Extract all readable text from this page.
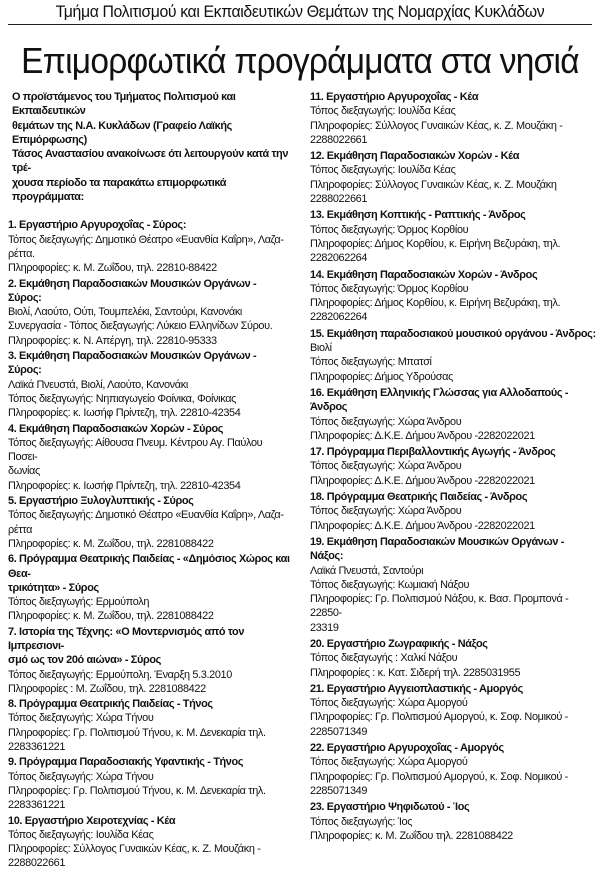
Τμήμα Πολιτισμού και Εκπαιδευτικών Θεμάτων της Νομαρχίας Κυκλάδων
Επιμορφωτικά προγράμματα στα νησιά
Ο προϊστάμενος του Τμήματος Πολιτισμού και Εκπαιδευτικών
θεμάτων της Ν.Α. Κυκλάδων (Γραφείο Λαϊκής Επιμόρφωσης)
Τάσος Αναστασίου ανακοίνωσε ότι λειτουργούν κατά την τρέ-
χουσα περίοδο τα παρακάτω επιμορφωτικά προγράμματα:
1. Εργαστήριο Αργυροχοΐας - Σύρος:
Τόπος διεξαγωγής: Δημοτικό Θέατρο «Ευανθία Καΐρη», Λαζα-
ρέττα.
Πληροφορίες: κ. Μ. Ζωΐδου, τηλ. 22810-88422
2. Εκμάθηση Παραδοσιακών Μουσικών Οργάνων - Σύρος:
Βιολί, Λαούτο, Ούτι, Τουμπελέκι, Σαντούρι, Κανονάκι
Συνεργασία - Τόπος διεξαγωγής: Λύκειο Ελληνίδων Σύρου.
Πληροφορίες: κ. Ν. Απέργη, τηλ. 22810-95333
3. Εκμάθηση Παραδοσιακών Μουσικών Οργάνων - Σύρος:
Λαϊκά Πνευστά, Βιολί, Λαούτο, Κανονάκι
Τόπος διεξαγωγής: Νηπιαγωγείο Φοίνικα, Φοίνικας
Πληροφορίες: κ. Ιωσήφ Πρίντεζη, τηλ. 22810-42354
4. Εκμάθηση Παραδοσιακών Χορών - Σύρος
Τόπος διεξαγωγής: Αίθουσα Πνευμ. Κέντρου Αγ. Παύλου Ποσει-
δωνίας
Πληροφορίες: κ. Ιωσήφ Πρίντεζη, τηλ. 22810-42354
5. Εργαστήριο Ξυλογλυπτικής - Σύρος
Τόπος διεξαγωγής: Δημοτικό Θέατρο «Ευανθία Καΐρη», Λαζα-
ρέττα
Πληροφορίες: κ. Μ. Ζωΐδου, τηλ. 2281088422
6. Πρόγραμμα Θεατρικής Παιδείας - «Δημόσιος Χώρος και Θεα-
τρικότητα» - Σύρος
Τόπος διεξαγωγής: Ερμούπολη
Πληροφορίες: κ. Μ. Ζωΐδου, τηλ. 2281088422
7. Ιστορία της Τέχνης: «Ο Μοντερνισμός από τον Ιμπρεσιονι-
σμό ως τον 20ό αιώνα» - Σύρος
Τόπος διεξαγωγής: Ερμούπολη. Έναρξη 5.3.2010
Πληροφορίες : Μ. Ζωΐδου, τηλ. 2281088422
8. Πρόγραμμα Θεατρικής Παιδείας - Τήνος
Τόπος διεξαγωγής: Χώρα Τήνου
Πληροφορίες: Γρ. Πολιτισμού Τήνου, κ. Μ. Δενεκαρία τηλ.
2283361221
9. Πρόγραμμα Παραδοσιακής Υφαντικής - Τήνος
Τόπος διεξαγωγής: Χώρα Τήνου
Πληροφορίες: Γρ. Πολιτισμού Τήνου, κ. Μ. Δενεκαρία τηλ.
2283361221
10. Εργαστήριο Χειροτεχνίας - Κέα
Τόπος διεξαγωγής: Ιουλίδα Κέας
Πληροφορίες: Σύλλογος Γυναικών Κέας, κ. Ζ. Μουζάκη -
2288022661
11. Εργαστήριο Αργυροχοΐας - Κέα
Τόπος διεξαγωγής: Ιουλίδα Κέας
Πληροφορίες: Σύλλογος Γυναικών Κέας, κ. Ζ. Μουζάκη -
2288022661
12. Εκμάθηση Παραδοσιακών Χορών - Κέα
Τόπος διεξαγωγής: Ιουλίδα Κέας
Πληροφορίες: Σύλλογος Γυναικών Κέας, κ. Ζ. Μουζάκη 2288022661
13. Εκμάθηση Κοπτικής - Ραπτικής - Άνδρος
Τόπος διεξαγωγής: Όρμος Κορθίου
Πληροφορίες: Δήμος Κορθίου, κ. Ειρήνη Βεζυράκη, τηλ. 2282062264
14. Εκμάθηση Παραδοσιακών Χορών - Άνδρος
Τόπος διεξαγωγής: Όρμος Κορθίου
Πληροφορίες: Δήμος Κορθίου, κ. Ειρήνη Βεζυράκη, τηλ. 2282062264
15. Εκμάθηση παραδοσιακού μουσικού οργάνου - Άνδρος:
Βιολί
Τόπος διεξαγωγής: Μπατσί
Πληροφορίες: Δήμος Υδρούσας
16. Εκμάθηση Ελληνικής Γλώσσας για Αλλοδαπούς - Άνδρος
Τόπος διεξαγωγής: Χώρα Άνδρου
Πληροφορίες: Δ.Κ.Ε. Δήμου Άνδρου -2282022021
17. Πρόγραμμα Περιβαλλοντικής Αγωγής - Άνδρος
Τόπος διεξαγωγής: Χώρα Άνδρου
Πληροφορίες: Δ.Κ.Ε. Δήμου Άνδρου -2282022021
18. Πρόγραμμα Θεατρικής Παιδείας - Άνδρος
Τόπος διεξαγωγής: Χώρα Άνδρου
Πληροφορίες: Δ.Κ.Ε. Δήμου Άνδρου -2282022021
19. Εκμάθηση Παραδοσιακών Μουσικών Οργάνων - Νάξος:
Λαϊκά Πνευστά, Σαντούρι
Τόπος διεξαγωγής: Κωμιακή Νάξου
Πληροφορίες: Γρ. Πολιτισμού Νάξου, κ. Βασ. Προμπονά - 22850-
23319
20. Εργαστήριο Ζωγραφικής - Νάξος
Τόπος διεξαγωγής : Χαλκί Νάξου
Πληροφορίες : κ. Κατ. Σιδερή τηλ. 2285031955
21. Εργαστήριο Αγγειοπλαστικής - Αμοργός
Τόπος διεξαγωγής: Χώρα Αμοργού
Πληροφορίες: Γρ. Πολιτισμού Αμοργού, κ. Σοφ. Νομικού -
2285071349
22. Εργαστήριο Αργυροχοΐας - Αμοργός
Τόπος διεξαγωγής: Χώρα Αμοργού
Πληροφορίες: Γρ. Πολιτισμού Αμοργού, κ. Σοφ. Νομικού -
2285071349
23. Εργαστήριο Ψηφιδωτού - Ίος
Τόπος διεξαγωγής: Ίος
Πληροφορίες: κ. Μ. Ζωΐδου τηλ. 2281088422
